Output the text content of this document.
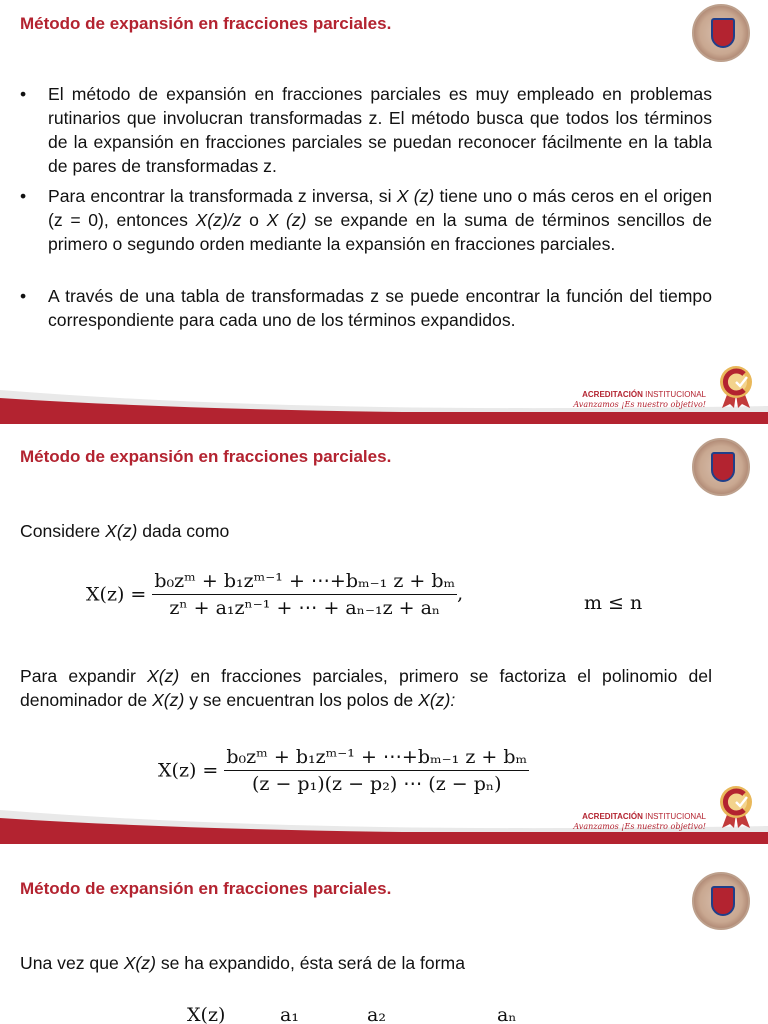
Método de expansión en fracciones parciales.
• El método de expansión en fracciones parciales es muy empleado en problemas rutinarios que involucran transformadas z. El método busca que todos los términos de la expansión en fracciones parciales se puedan reconocer fácilmente en la tabla de pares de transformadas z.
• Para encontrar la transformada z inversa, si X (z) tiene uno o más ceros en el origen (z = 0), entonces X(z)/z o X (z) se expande en la suma de términos sencillos de primero o segundo orden mediante la expansión en fracciones parciales.
• A través de una tabla de transformadas z se puede encontrar la función del tiempo correspondiente para cada uno de los términos expandidos.
ACREDITACIÓN INSTITUCIONAL
Avanzamos ¡Es nuestro objetivo!
Método de expansión en fracciones parciales.

Considere X(z) dada como

$X(z) = \frac{\text{b₀zᵐ + b₁zᵐ⁻¹ + ⋯+bₘ₋₁ z + bₘ}}{\text{zⁿ + a₁zⁿ⁻¹ + ⋯ + aₙ₋₁z + aₙ}}$ ,	m ≤ n

Para expandir X(z) en fracciones parciales, primero se factoriza el polinomio del denominador de X(z) y se encuentran los polos de X(z):

$X(z) = \frac{\text{b₀zᵐ + b₁zᵐ⁻¹ + ⋯+bₘ₋₁ z + bₘ}}{\text{(z − p₁)(z − p₂) ⋯ (z − pₙ)}}$
ACREDITACIÓN INSTITUCIONAL
Avanzamos ¡Es nuestro objetivo!
Método de expansión en fracciones parciales.

Una vez que X(z) se ha expandido, ésta será de la forma

X(z)	a₁	a₂	aₙ
